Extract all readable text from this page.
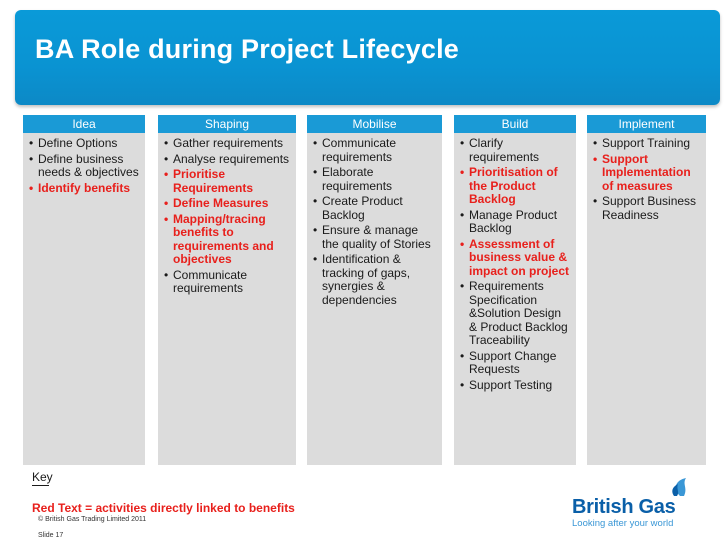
BA Role during Project Lifecycle
Idea
• Define Options
• Define business needs & objectives
• Identify benefits
Shaping
• Gather requirements
• Analyse requirements
• Prioritise Requirements
• Define Measures
• Mapping/tracing benefits to requirements and objectives
• Communicate requirements
Mobilise
• Communicate requirements
• Elaborate requirements
• Create Product Backlog
• Ensure & manage the quality of Stories
• Identification & tracking of gaps, synergies & dependencies
Build
• Clarify requirements
• Prioritisation of the Product Backlog
• Manage Product Backlog
• Assessment of business value & impact on project
• Requirements Specification &Solution Design & Product Backlog Traceability
• Support Change Requests
• Support Testing
Implement
• Support Training
• Support Implementation of measures
• Support Business Readiness
Key
Red Text = activities directly linked to benefits
© British Gas Trading Limited 2011
Slide 17
British Gas
Looking after your world
